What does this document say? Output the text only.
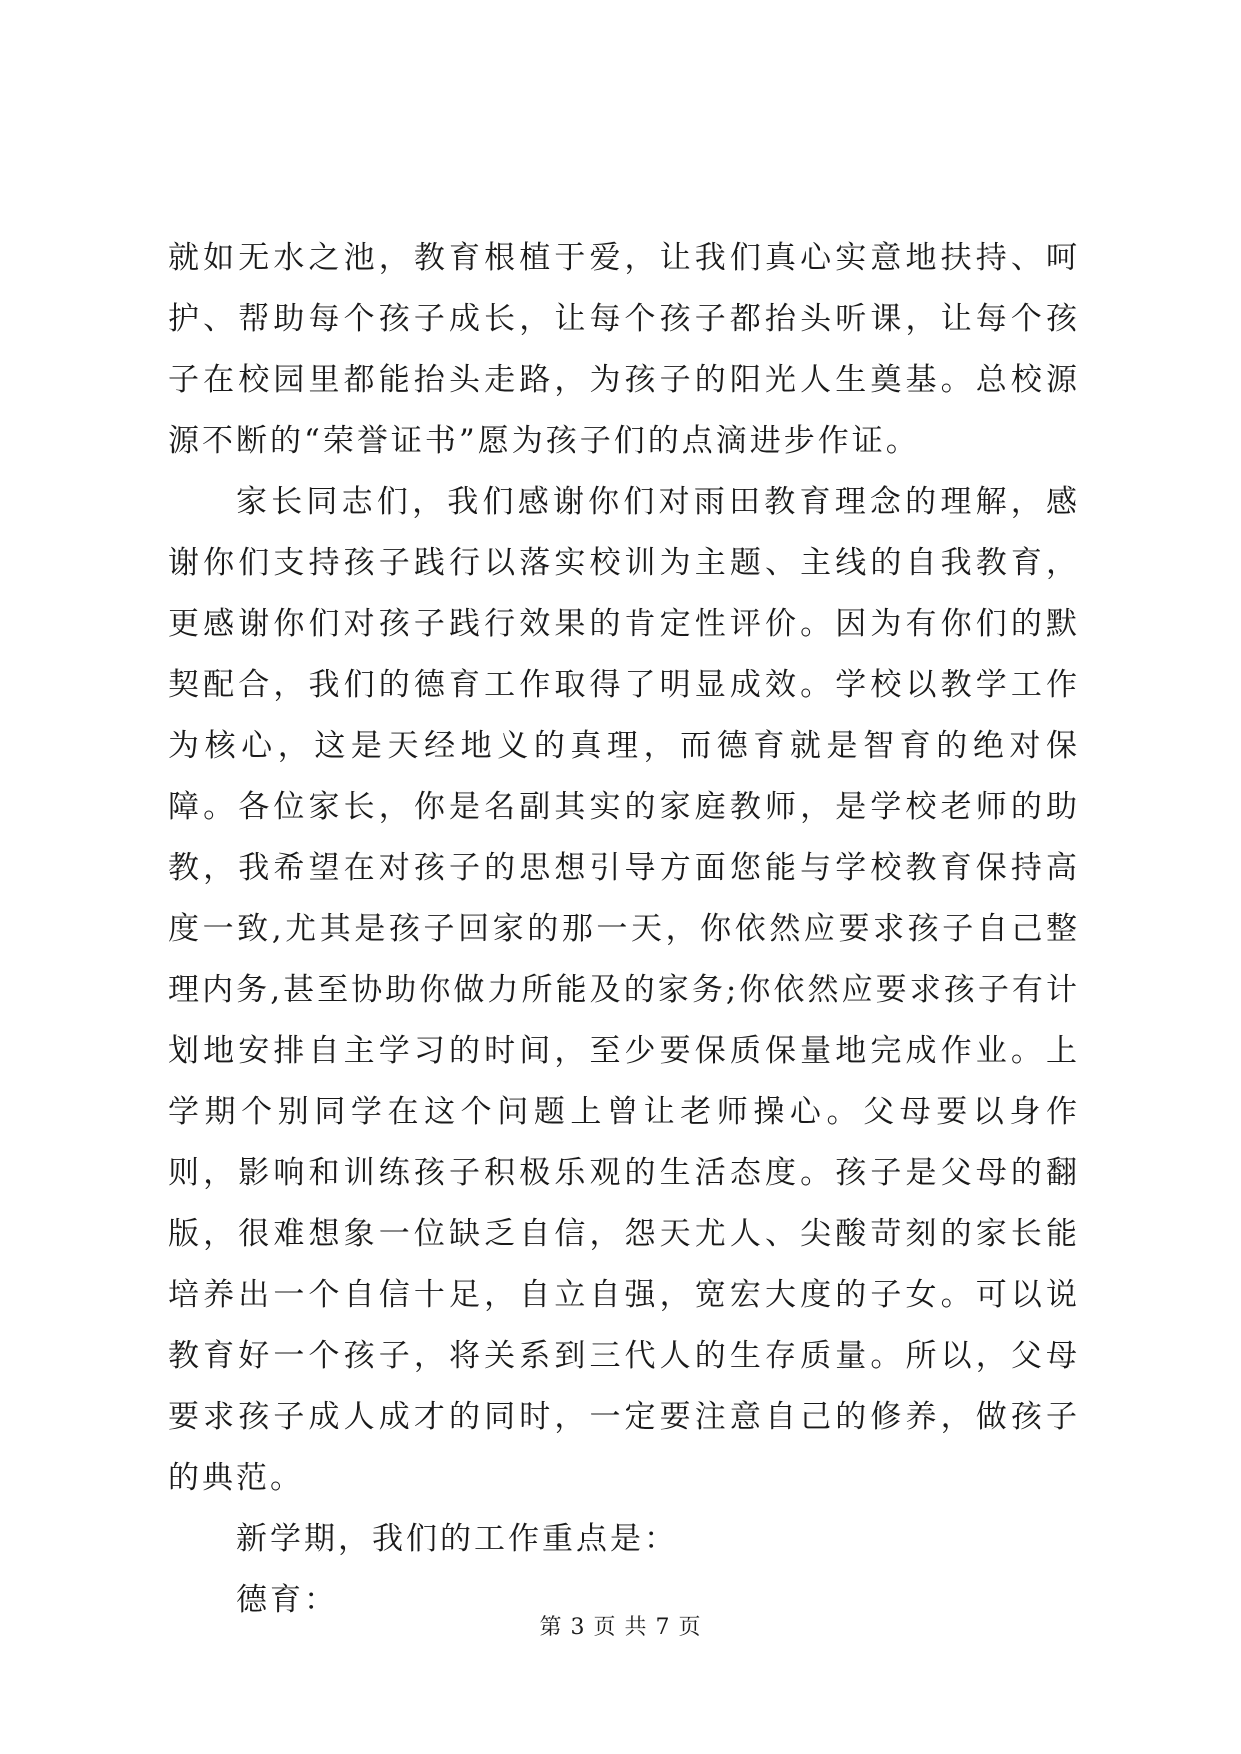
就如无水之池，教育根植于爱，让我们真心实意地扶持、呵护、帮助每个孩子成长，让每个孩子都抬头听课，让每个孩子在校园里都能抬头走路，为孩子的阳光人生奠基。总校源源不断的“荣誉证书”愿为孩子们的点滴进步作证。

家长同志们，我们感谢你们对雨田教育理念的理解，感谢你们支持孩子践行以落实校训为主题、主线的自我教育，更感谢你们对孩子践行效果的肯定性评价。因为有你们的默契配合，我们的德育工作取得了明显成效。学校以教学工作为核心，这是天经地义的真理，而德育就是智育的绝对保障。各位家长，你是名副其实的家庭教师，是学校老师的助教，我希望在对孩子的思想引导方面您能与学校教育保持高度一致,尤其是孩子回家的那一天，你依然应要求孩子自己整理内务,甚至协助你做力所能及的家务;你依然应要求孩子有计划地安排自主学习的时间，至少要保质保量地完成作业。上学期个别同学在这个问题上曾让老师操心。父母要以身作则，影响和训练孩子积极乐观的生活态度。孩子是父母的翻版，很难想象一位缺乏自信，怨天尤人、尖酸苛刻的家长能培养出一个自信十足，自立自强，宽宏大度的子女。可以说教育好一个孩子，将关系到三代人的生存质量。所以，父母要求孩子成人成才的同时，一定要注意自己的修养，做孩子的典范。

新学期，我们的工作重点是：

德育：

第 3 页 共 7 页
